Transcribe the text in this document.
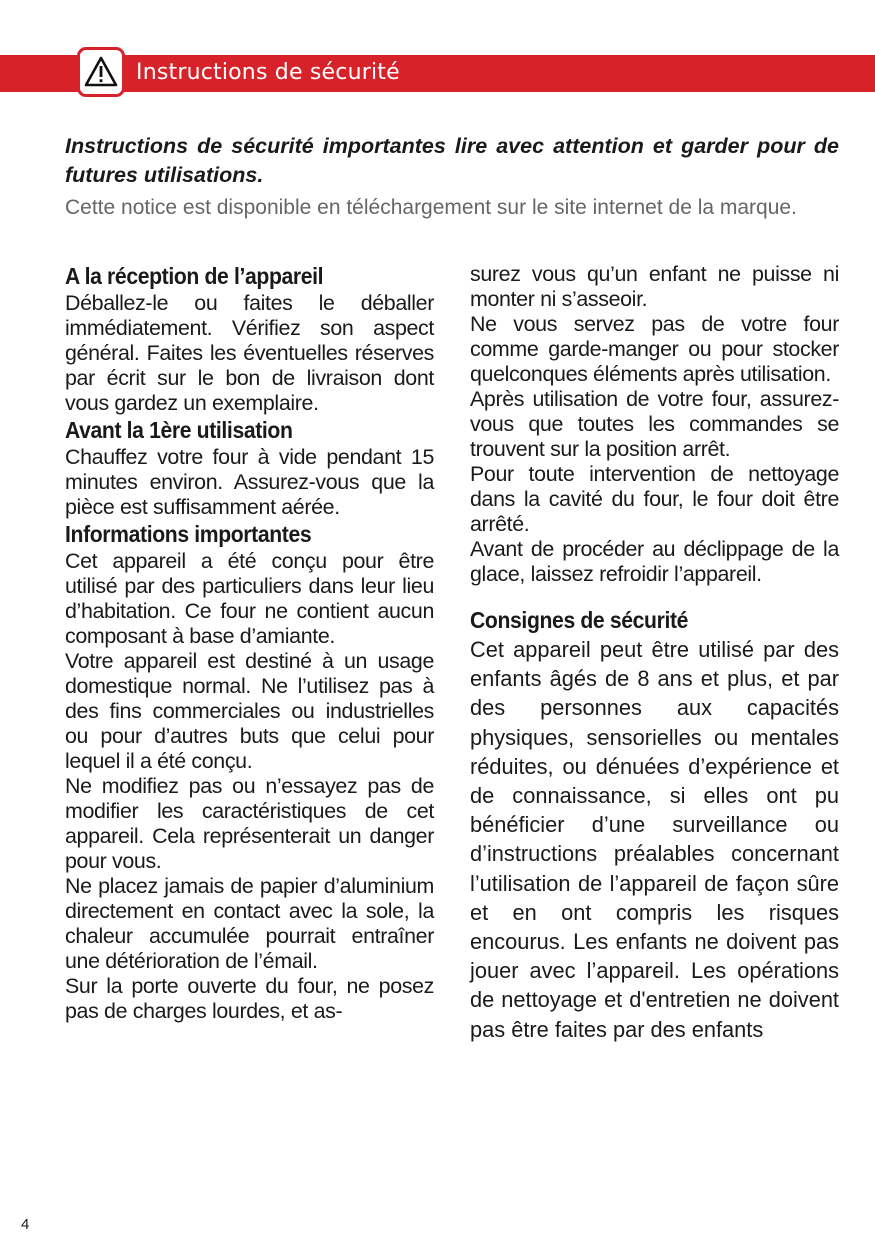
Instructions de sécurité

Instructions de sécurité importantes lire avec attention et garder pour de futures utilisations.

Cette notice est disponible en téléchargement sur le site internet de la marque.

A la réception de l’appareil

Déballez-le ou faites le déballer immédiatement. Vérifiez son aspect général. Faites les éventuelles réserves par écrit sur le bon de livraison dont vous gardez un exemplaire.

Avant la 1ère utilisation

Chauffez votre four à vide pendant 15 minutes environ. Assurez-vous que la pièce est suffisamment aérée.

Informations importantes

Cet appareil a été conçu pour être utilisé par des particuliers dans leur lieu d’habitation. Ce four ne contient aucun composant à base d’amiante.

Votre appareil est destiné à un usage domestique normal. Ne l’utilisez pas à des fins commerciales ou industrielles ou pour d’autres buts que celui pour lequel il a été conçu.

Ne modifiez pas ou n’essayez pas de modifier les caractéristiques de cet appareil. Cela représenterait un danger pour vous.

Ne placez jamais de papier d’aluminium directement en contact avec la sole, la chaleur accumulée pourrait entraîner une détérioration de l’émail.

Sur la porte ouverte du four, ne posez pas de charges lourdes, et as-

surez vous qu’un enfant ne puisse ni monter ni s’asseoir.

Ne vous servez pas de votre four comme garde-manger ou pour stocker quelconques éléments après utilisation.

Après utilisation de votre four, assurez-vous que toutes les commandes se trouvent sur la position arrêt.

Pour toute intervention de nettoyage dans la cavité du four, le four doit être arrêté.

Avant de procéder au déclippage de la glace, laissez refroidir l’appareil.

Consignes de sécurité

Cet appareil peut être utilisé par des enfants âgés de 8 ans et plus, et par des personnes aux capacités physiques, sensorielles ou mentales réduites, ou dénuées d’expérience et de connaissance, si elles ont pu bénéficier d’une surveillance ou d’instructions préalables concernant l’utilisation de l’appareil de façon sûre et en ont compris les risques encourus. Les enfants ne doivent pas jouer avec l’appareil. Les opérations de nettoyage et d'entretien ne doivent pas être faites par des enfants

4
